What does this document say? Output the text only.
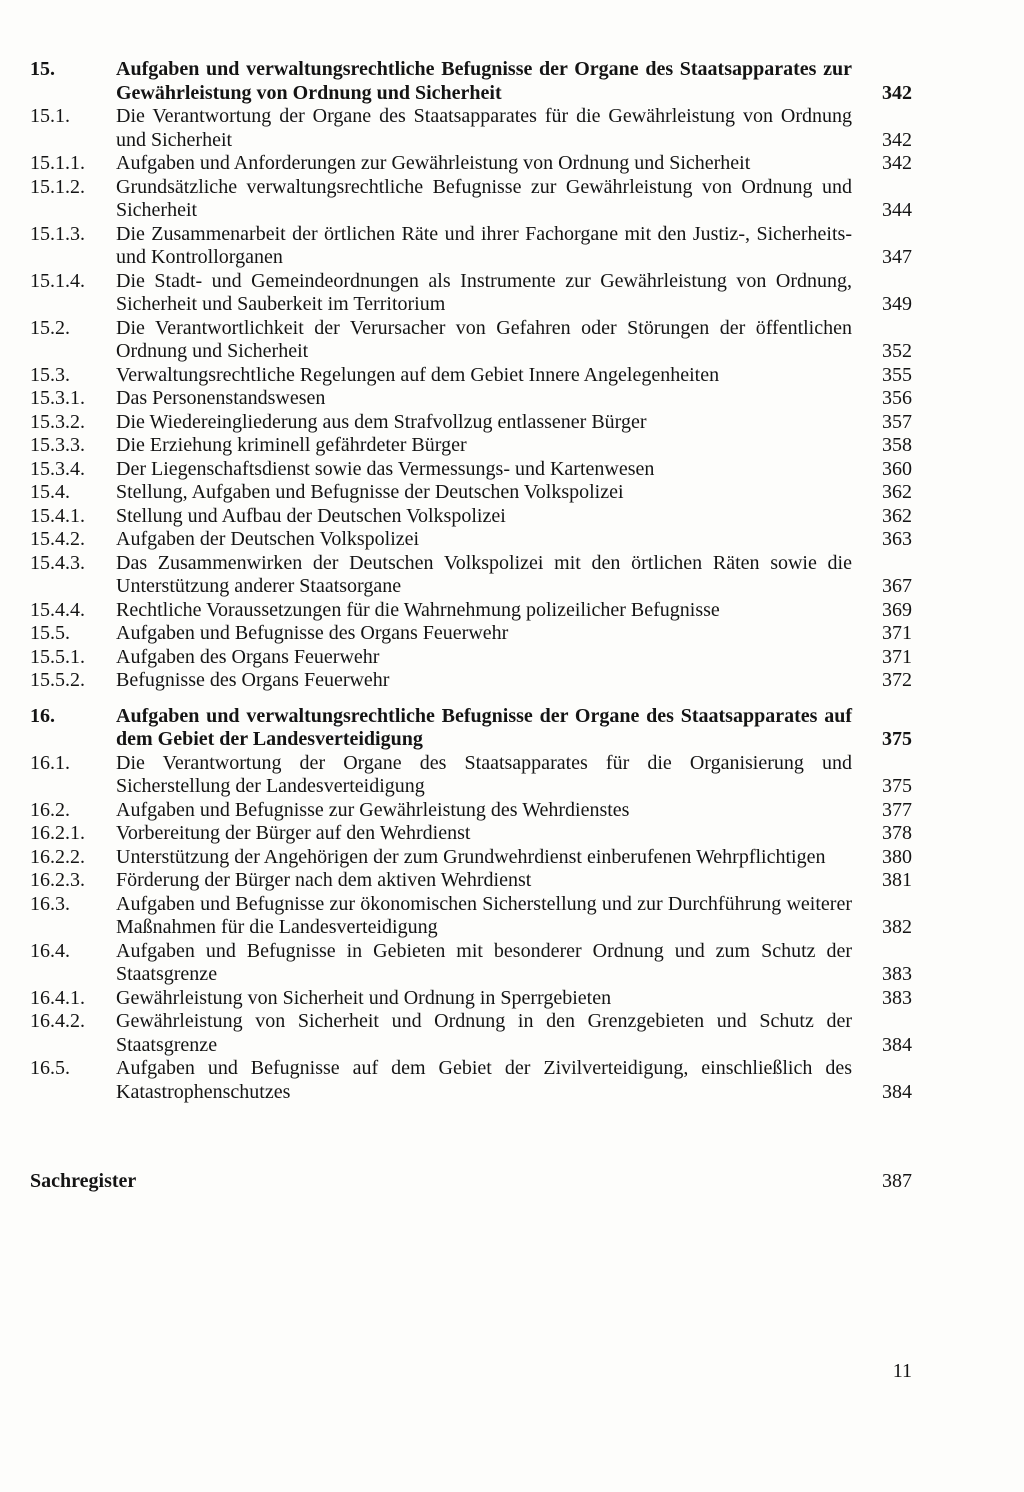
15.	Aufgaben und verwaltungsrechtliche Befugnisse der Organe des Staatsapparates zur Gewährleistung von Ordnung und Sicherheit	342
15.1.	Die Verantwortung der Organe des Staatsapparates für die Gewährleistung von Ordnung und Sicherheit	342
15.1.1.	Aufgaben und Anforderungen zur Gewährleistung von Ordnung und Sicherheit	342
15.1.2.	Grundsätzliche verwaltungsrechtliche Befugnisse zur Gewährleistung von Ordnung und Sicherheit	344
15.1.3.	Die Zusammenarbeit der örtlichen Räte und ihrer Fachorgane mit den Justiz-, Sicherheits- und Kontrollorganen	347
15.1.4.	Die Stadt- und Gemeindeordnungen als Instrumente zur Gewährleistung von Ordnung, Sicherheit und Sauberkeit im Territorium	349
15.2.	Die Verantwortlichkeit der Verursacher von Gefahren oder Störungen der öffentlichen Ordnung und Sicherheit	352
15.3.	Verwaltungsrechtliche Regelungen auf dem Gebiet Innere Angelegenheiten	355
15.3.1.	Das Personenstandswesen	356
15.3.2.	Die Wiedereingliederung aus dem Strafvollzug entlassener Bürger	357
15.3.3.	Die Erziehung kriminell gefährdeter Bürger	358
15.3.4.	Der Liegenschaftsdienst sowie das Vermessungs- und Kartenwesen	360
15.4.	Stellung, Aufgaben und Befugnisse der Deutschen Volkspolizei	362
15.4.1.	Stellung und Aufbau der Deutschen Volkspolizei	362
15.4.2.	Aufgaben der Deutschen Volkspolizei	363
15.4.3.	Das Zusammenwirken der Deutschen Volkspolizei mit den örtlichen Räten sowie die Unterstützung anderer Staatsorgane	367
15.4.4.	Rechtliche Voraussetzungen für die Wahrnehmung polizeilicher Befugnisse	369
15.5.	Aufgaben und Befugnisse des Organs Feuerwehr	371
15.5.1.	Aufgaben des Organs Feuerwehr	371
15.5.2.	Befugnisse des Organs Feuerwehr	372
16.	Aufgaben und verwaltungsrechtliche Befugnisse der Organe des Staatsapparates auf dem Gebiet der Landesverteidigung	375
16.1.	Die Verantwortung der Organe des Staatsapparates für die Organisierung und Sicherstellung der Landesverteidigung	375
16.2.	Aufgaben und Befugnisse zur Gewährleistung des Wehrdienstes	377
16.2.1.	Vorbereitung der Bürger auf den Wehrdienst	378
16.2.2.	Unterstützung der Angehörigen der zum Grundwehrdienst einberufenen Wehrpflichtigen	380
16.2.3.	Förderung der Bürger nach dem aktiven Wehrdienst	381
16.3.	Aufgaben und Befugnisse zur ökonomischen Sicherstellung und zur Durchführung weiterer Maßnahmen für die Landesverteidigung	382
16.4.	Aufgaben und Befugnisse in Gebieten mit besonderer Ordnung und zum Schutz der Staatsgrenze	383
16.4.1.	Gewährleistung von Sicherheit und Ordnung in Sperrgebieten	383
16.4.2.	Gewährleistung von Sicherheit und Ordnung in den Grenzgebieten und Schutz der Staatsgrenze	384
16.5.	Aufgaben und Befugnisse auf dem Gebiet der Zivilverteidigung, einschließlich des Katastrophenschutzes	384
Sachregister	387
11
